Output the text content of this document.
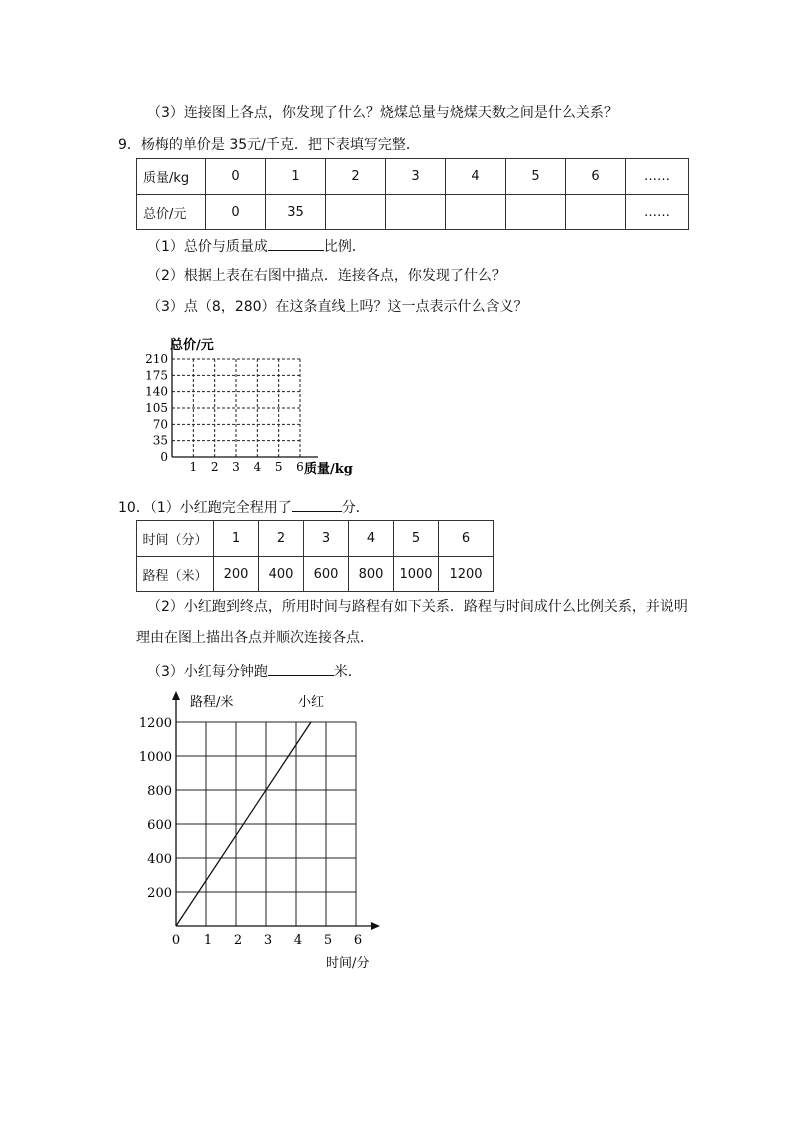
（3）连接图上各点，你发现了什么？烧煤总量与烧煤天数之间是什么关系？
9．杨梅的单价是 35元/千克．把下表填写完整．
质量/kg	0	1	2	3	4	5	6	……
总价/元	0	35						……
（1）总价与质量成	比例．
（2）根据上表在右图中描点．连接各点，你发现了什么？
（3）点（8，280）在这条直线上吗？这一点表示什么含义？
0
35
70
105
140
175
210
1 2 3 4 5 6
总价/元
质量/kg
10．（1）小红跑完全程用了	分．
时间（分）	1	2	3	4	5	6
路程（米）	200	400	600	800	1000	1200
（2）小红跑到终点，所用时间与路程有如下关系．路程与时间成什么比例关系，并说明
理由在图上描出各点并顺次连接各点．
（3）小红每分钟跑	米．
200
400
600
800
1000
1200
0 1 2 3 4 5 6
路程/米
时间/分
小红
